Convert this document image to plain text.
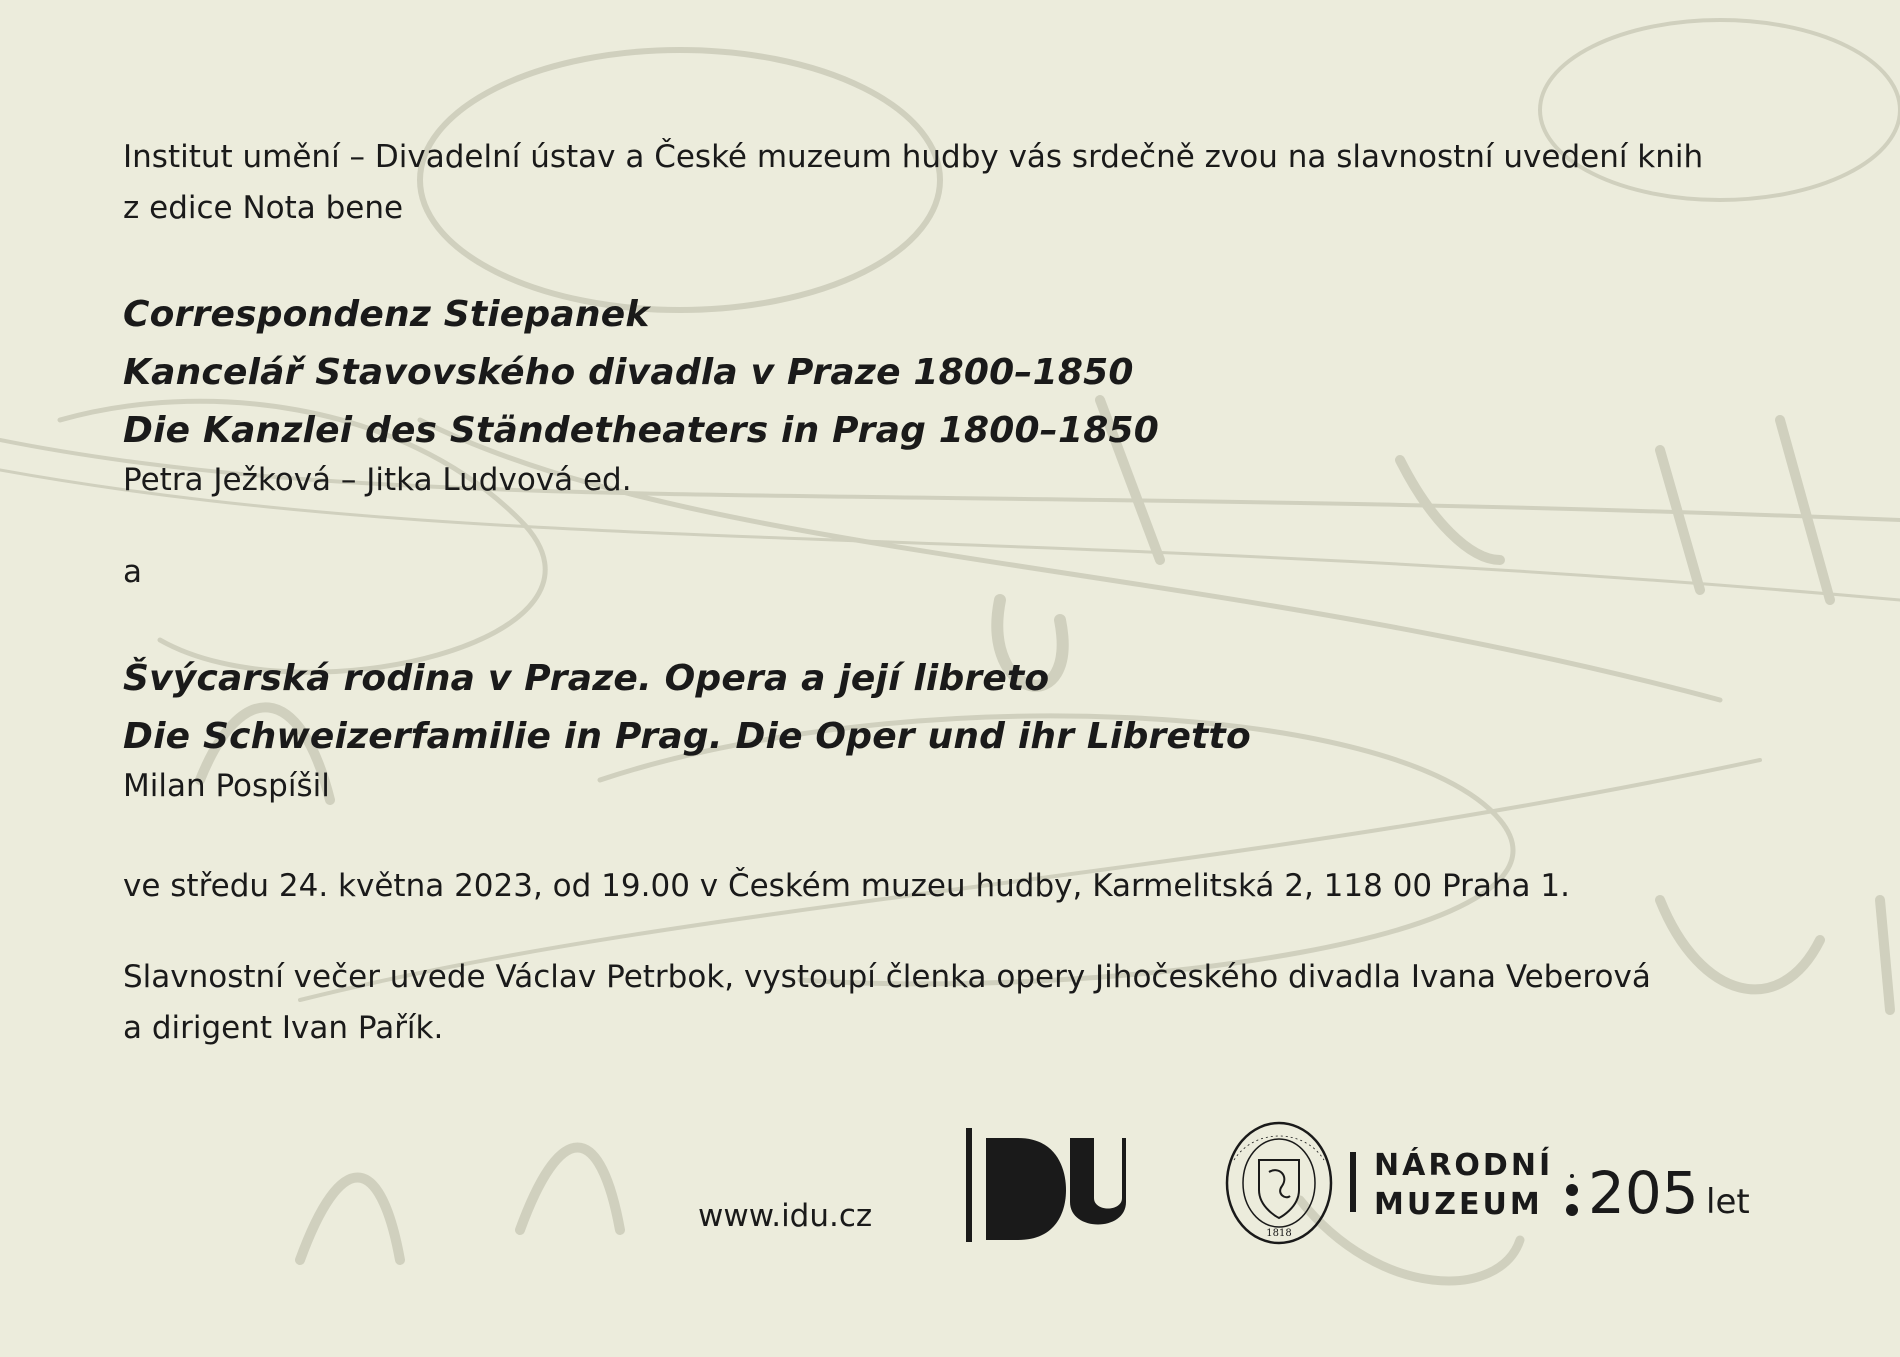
Institut umění – Divadelní ústav a České muzeum hudby vás srdečně zvou na slavnostní uvedení knih

z edice Nota bene

Correspondenz Stiepanek

Kancelář Stavovského divadla v Praze 1800–1850

Die Kanzlei des Ständetheaters in Prag 1800–1850

Petra Ježková – Jitka Ludvová ed.

a

Švýcarská rodina v Praze. Opera a její libreto

Die Schweizerfamilie in Prag. Die Oper und ihr Libretto

Milan Pospíšil

ve středu 24. května 2023, od 19.00 v Českém muzeu hudby, Karmelitská 2, 118 00 Praha 1.

Slavnostní večer uvede Václav Petrbok, vystoupí členka opery Jihočeského divadla Ivana Veberová

a dirigent Ivan Pařík.

www.idu.cz	1818
NÁRODNÍ
MUZEUM 205 let
